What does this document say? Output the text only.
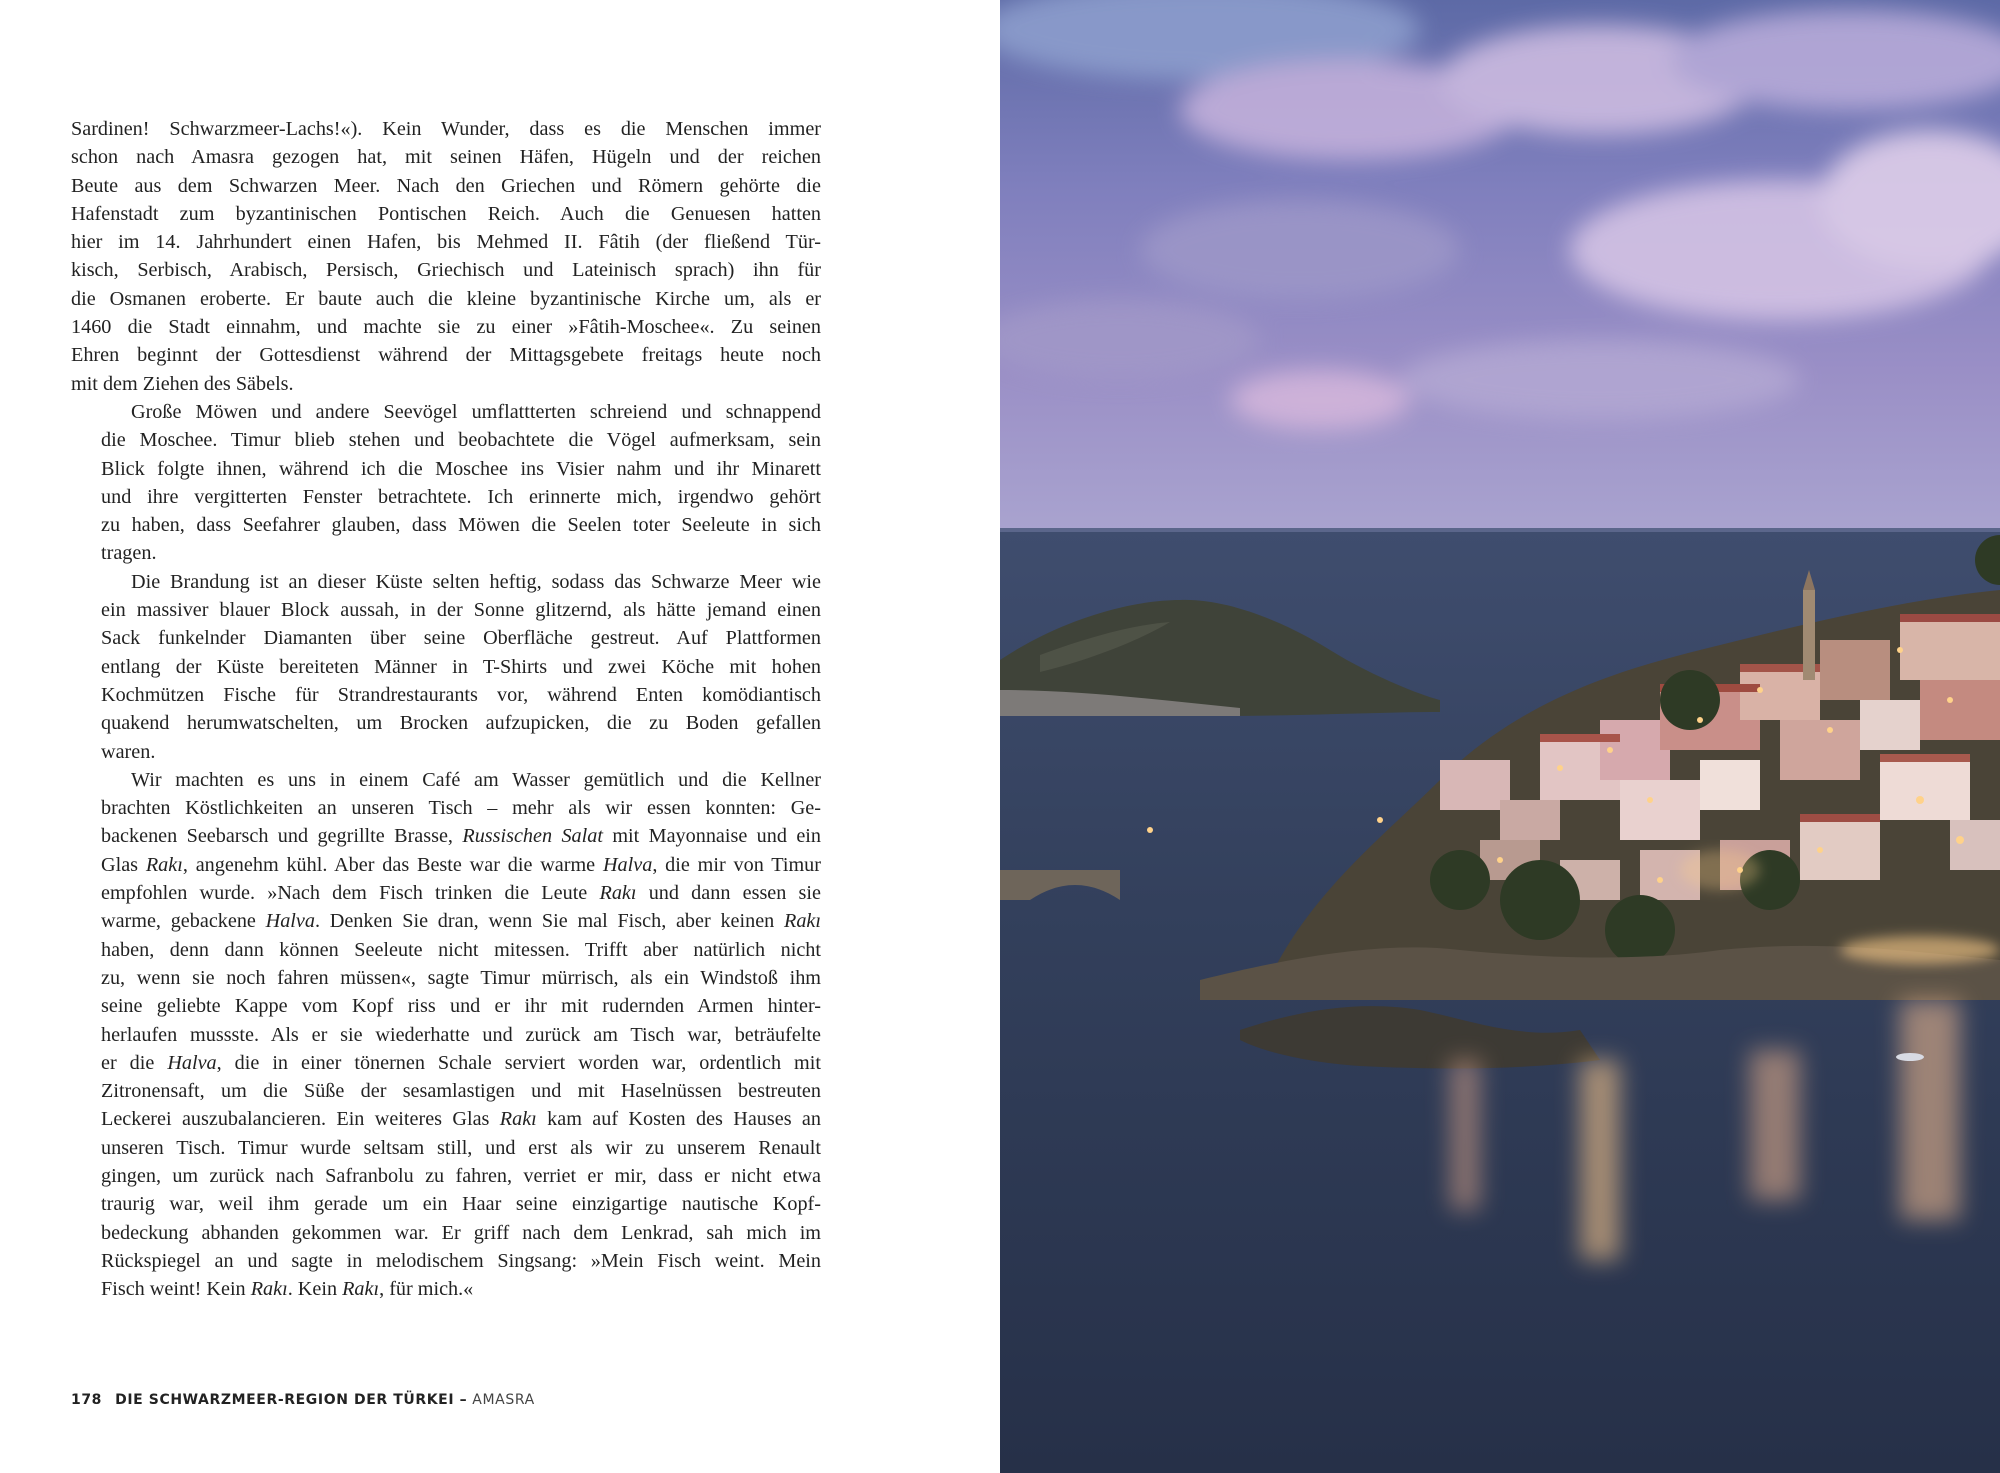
Sardinen! Schwarzmeer-Lachs!«). Kein Wunder, dass es die Menschen immer
schon nach Amasra gezogen hat, mit seinen Häfen, Hügeln und der reichen
Beute aus dem Schwarzen Meer. Nach den Griechen und Römern gehörte die
Hafenstadt zum byzantinischen Pontischen Reich. Auch die Genuesen hatten
hier im 14. Jahrhundert einen Hafen, bis Mehmed II. Fâtih (der fließend Tür-
kisch, Serbisch, Arabisch, Persisch, Griechisch und Lateinisch sprach) ihn für
die Osmanen eroberte. Er baute auch die kleine byzantinische Kirche um, als er
1460 die Stadt einnahm, und machte sie zu einer »Fâtih-Moschee«. Zu seinen
Ehren beginnt der Gottesdienst während der Mittagsgebete freitags heute noch
mit dem Ziehen des Säbels.

Große Möwen und andere Seevögel umflattterten schreiend und schnappend
die Moschee. Timur blieb stehen und beobachtete die Vögel aufmerksam, sein
Blick folgte ihnen, während ich die Moschee ins Visier nahm und ihr Minarett
und ihre vergitterten Fenster betrachtete. Ich erinnerte mich, irgendwo gehört
zu haben, dass Seefahrer glauben, dass Möwen die Seelen toter Seeleute in sich
tragen.

Die Brandung ist an dieser Küste selten heftig, sodass das Schwarze Meer wie
ein massiver blauer Block aussah, in der Sonne glitzernd, als hätte jemand einen
Sack funkelnder Diamanten über seine Oberfläche gestreut. Auf Plattformen
entlang der Küste bereiteten Männer in T-Shirts und zwei Köche mit hohen
Kochmützen Fische für Strandrestaurants vor, während Enten komödiantisch
quakend herumwatschelten, um Brocken aufzupicken, die zu Boden gefallen
waren.

Wir machten es uns in einem Café am Wasser gemütlich und die Kellner
brachten Köstlichkeiten an unseren Tisch – mehr als wir essen konnten: Ge-
backenen Seebarsch und gegrillte Brasse, Russischen Salat mit Mayonnaise und ein
Glas Rakı, angenehm kühl. Aber das Beste war die warme Halva, die mir von Timur
empfohlen wurde. »Nach dem Fisch trinken die Leute Rakı und dann essen sie
warme, gebackene Halva. Denken Sie dran, wenn Sie mal Fisch, aber keinen Rakı
haben, denn dann können Seeleute nicht mitessen. Trifft aber natürlich nicht
zu, wenn sie noch fahren müssen«, sagte Timur mürrisch, als ein Windstoß ihm
seine geliebte Kappe vom Kopf riss und er ihr mit rudernden Armen hinter-
herlaufen mussste. Als er sie wiederhatte und zurück am Tisch war, beträufelte
er die Halva, die in einer tönernen Schale serviert worden war, ordentlich mit
Zitronensaft, um die Süße der sesamlastigen und mit Haselnüssen bestreuten
Leckerei auszubalancieren. Ein weiteres Glas Rakı kam auf Kosten des Hauses an
unseren Tisch. Timur wurde seltsam still, und erst als wir zu unserem Renault
gingen, um zurück nach Safranbolu zu fahren, verriet er mir, dass er nicht etwa
traurig war, weil ihm gerade um ein Haar seine einzigartige nautische Kopf-
bedeckung abhanden gekommen war. Er griff nach dem Lenkrad, sah mich im
Rückspiegel an und sagte in melodischem Singsang: »Mein Fisch weint. Mein
Fisch weint! Kein Rakı. Kein Rakı, für mich.«

178 DIE SCHWARZMEER-REGION DER TÜRKEI – AMASRA
